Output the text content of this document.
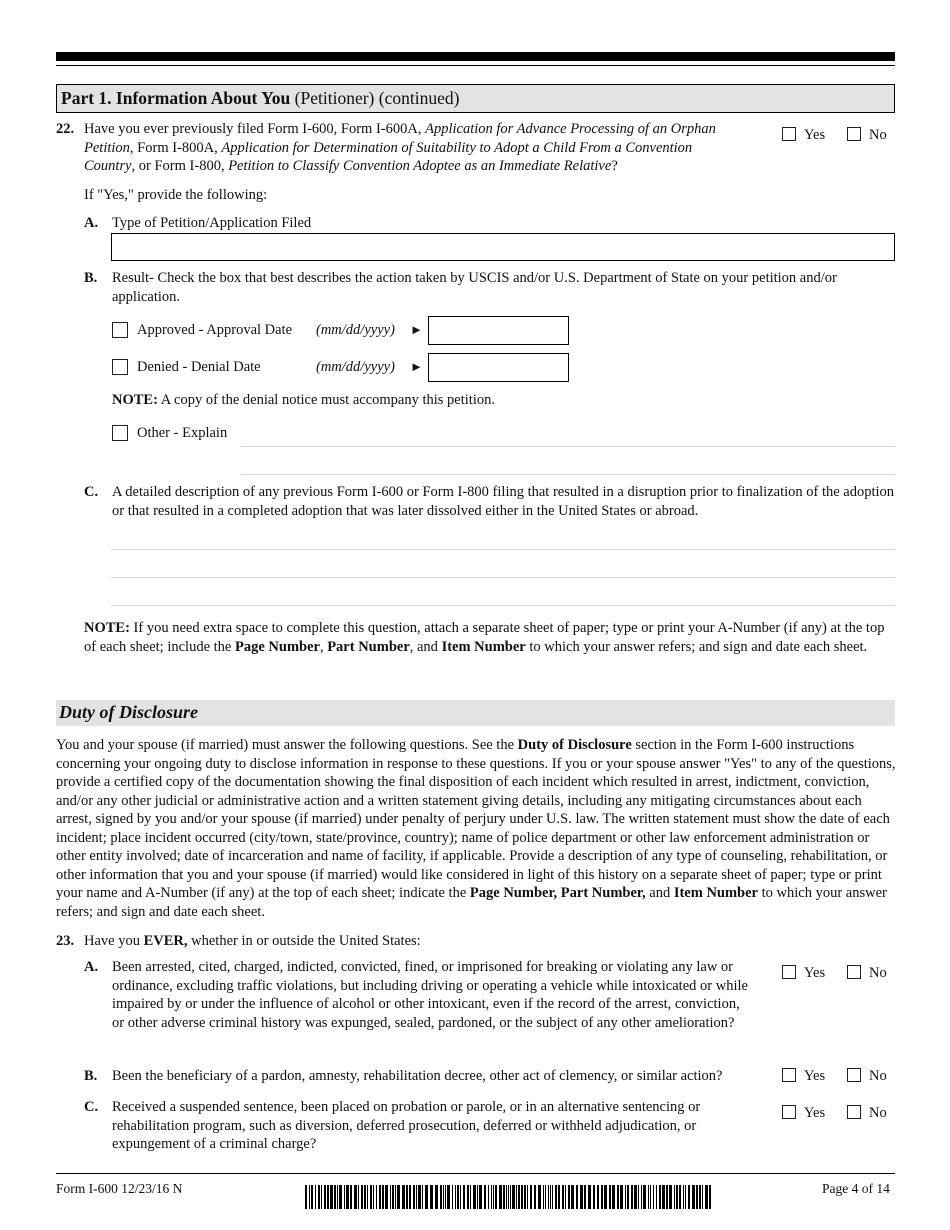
Part 1. Information About You (Petitioner) (continued)
22. Have you ever previously filed Form I-600, Form I-600A, Application for Advance Processing of an Orphan Petition, Form I-800A, Application for Determination of Suitability to Adopt a Child From a Convention Country, or Form I-800, Petition to Classify Convention Adoptee as an Immediate Relative?

Yes	No
If "Yes," provide the following:
A. Type of Petition/Application Filed
B. Result- Check the box that best describes the action taken by USCIS and/or U.S. Department of State on your petition and/or application.

Approved - Approval Date (mm/dd/yyyy) ►
Denied - Denial Date	(mm/dd/yyyy) ►

NOTE: A copy of the denial notice must accompany this petition.

Other - Explain
C. A detailed description of any previous Form I-600 or Form I-800 filing that resulted in a disruption prior to finalization of the adoption or that resulted in a completed adoption that was later dissolved either in the United States or abroad.

NOTE: If you need extra space to complete this question, attach a separate sheet of paper; type or print your A-Number (if any) at the top of each sheet; include the Page Number, Part Number, and Item Number to which your answer refers; and sign and date each sheet.

Duty of Disclosure

You and your spouse (if married) must answer the following questions. See the Duty of Disclosure section in the Form I-600 instructions concerning your ongoing duty to disclose information in response to these questions. If you or your spouse answer "Yes" to any of the questions, provide a certified copy of the documentation showing the final disposition of each incident which resulted in arrest, indictment, conviction, and/or any other judicial or administrative action and a written statement giving details, including any mitigating circumstances about each arrest, signed by you and/or your spouse (if married) under penalty of perjury under U.S. law. The written statement must show the date of each incident; place incident occurred (city/town, state/province, country); name of police department or other law enforcement administration or other entity involved; date of incarceration and name of facility, if applicable. Provide a description of any type of counseling, rehabilitation, or other information that you and your spouse (if married) would like considered in light of this history on a separate sheet of paper; type or print your name and A-Number (if any) at the top of each sheet; indicate the Page Number, Part Number, and Item Number to which your answer refers; and sign and date each sheet.

23. Have you EVER, whether in or outside the United States:

A. Been arrested, cited, charged, indicted, convicted, fined, or imprisoned for breaking or violating any law or ordinance, excluding traffic violations, but including driving or operating a vehicle while intoxicated or while impaired by or under the influence of alcohol or other intoxicant, even if the record of the arrest, conviction, or other adverse criminal history was expunged, sealed, pardoned, or the subject of any other amelioration?

Yes	No
B. Been the beneficiary of a pardon, amnesty, rehabilitation decree, other act of clemency, or similar action?	Yes	No
C. Received a suspended sentence, been placed on probation or parole, or in an alternative sentencing or rehabilitation program, such as diversion, deferred prosecution, deferred or withheld adjudication, or expungement of a criminal charge?

Yes	No
Form I-600 12/23/16 N	Page 4 of 14
